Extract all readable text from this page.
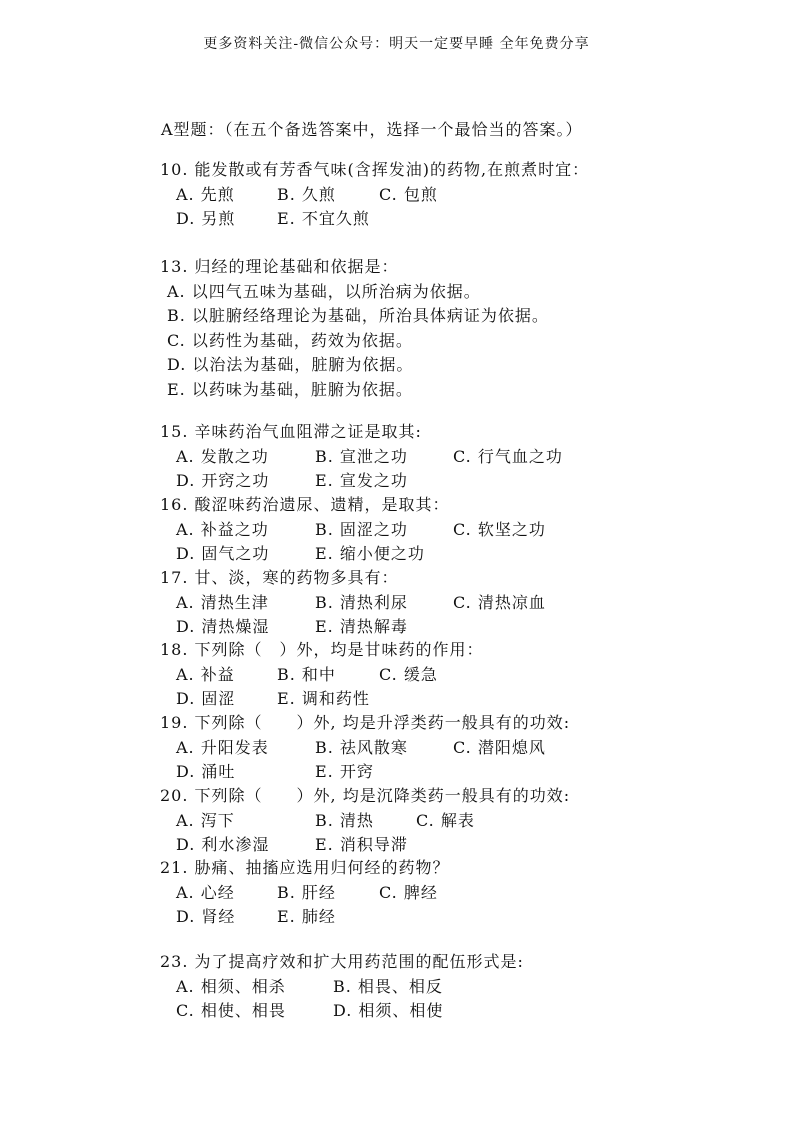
更多资料关注-微信公众号：明天一定要早睡 全年免费分享
A型题：（在五个备选答案中，选择一个最恰当的答案。）
10. 能发散或有芳香气味(含挥发油)的药物,在煎煮时宜：
A. 先煎	B. 久煎	C. 包煎
D. 另煎	E. 不宜久煎
13. 归经的理论基础和依据是：
A. 以四气五味为基础，以所治病为依据。
B. 以脏腑经络理论为基础，所治具体病证为依据。
C. 以药性为基础，药效为依据。
D. 以治法为基础，脏腑为依据。
E. 以药味为基础，脏腑为依据。
15. 辛味药治气血阻滞之证是取其:
A. 发散之功	B. 宣泄之功	C. 行气血之功
D. 开窍之功	E. 宣发之功
16. 酸涩味药治遗尿、遗精，是取其：
A. 补益之功	B. 固涩之功	C. 软坚之功
D. 固气之功	E. 缩小便之功
17. 甘、淡，寒的药物多具有：
A. 清热生津	B. 清热利尿	C. 清热凉血
D. 清热燥湿	E. 清热解毒
18. 下列除（　）外，均是甘味药的作用：
A. 补益	B. 和中	C. 缓急
D. 固涩	E. 调和药性
19. 下列除（　　）外, 均是升浮类药一般具有的功效:
A. 升阳发表	B. 祛风散寒	C. 潜阳熄风
D. 涌吐	E. 开窍
20. 下列除（　　）外, 均是沉降类药一般具有的功效:
A. 泻下	B. 清热	C. 解表
D. 利水渗湿	E. 消积导滞
21. 胁痛、抽搐应选用归何经的药物？
A. 心经	B. 肝经	C. 脾经
D. 肾经	E. 肺经
23. 为了提高疗效和扩大用药范围的配伍形式是:
A. 相须、相杀	B. 相畏、相反
C. 相使、相畏	D. 相须、相使
